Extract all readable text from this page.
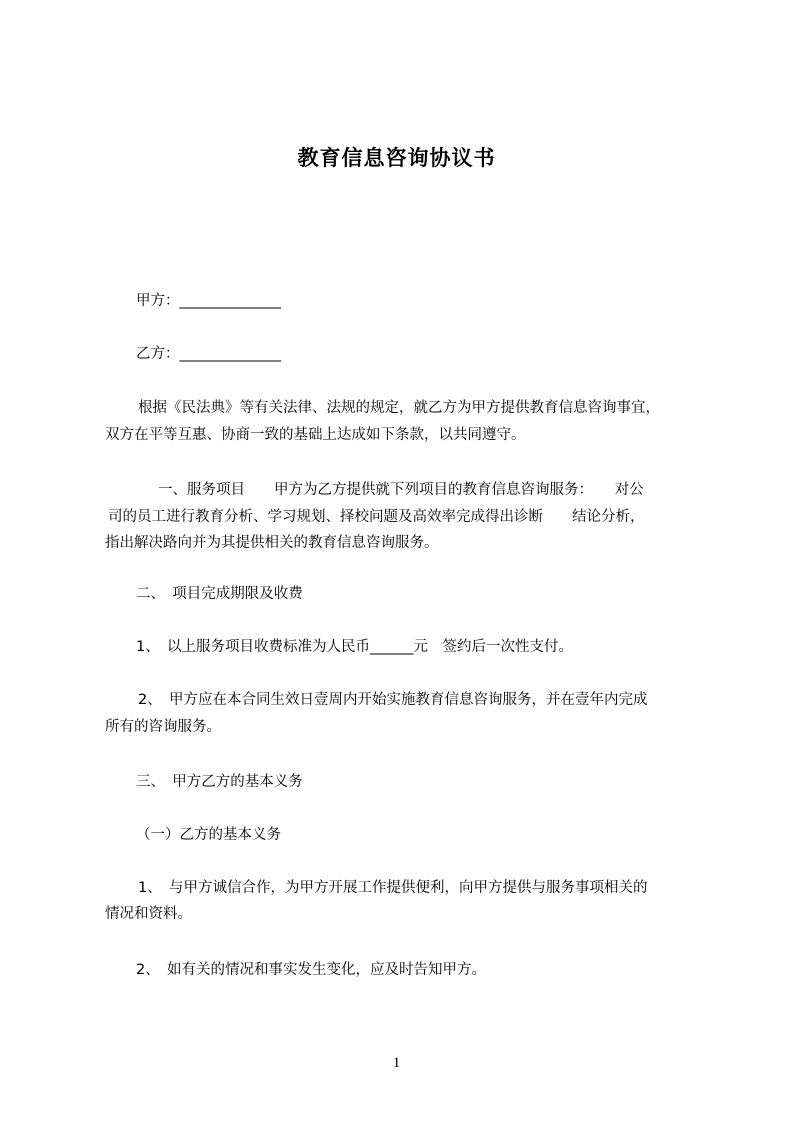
教育信息咨询协议书
甲方：______________
乙方：______________
根据《民法典》等有关法律、法规的规定，就乙方为甲方提供教育信息咨询事宜，
双方在平等互惠、协商一致的基础上达成如下条款，以共同遵守。
一、服务项目　　甲方为乙方提供就下列项目的教育信息咨询服务：　　对公
司的员工进行教育分析、学习规划、择校问题及高效率完成得出诊断　　结论分析，
指出解决路向并为其提供相关的教育信息咨询服务。
二、　项目完成期限及收费
1、　以上服务项目收费标准为人民币______元　签约后一次性支付。
2、　甲方应在本合同生效日壹周内开始实施教育信息咨询服务，并在壹年内完成
所有的咨询服务。
三、　甲方乙方的基本义务
（一）乙方的基本义务
1、　与甲方诚信合作，为甲方开展工作提供便利，向甲方提供与服务事项相关的
情况和资料。
2、　如有关的情况和事实发生变化，应及时告知甲方。
1
